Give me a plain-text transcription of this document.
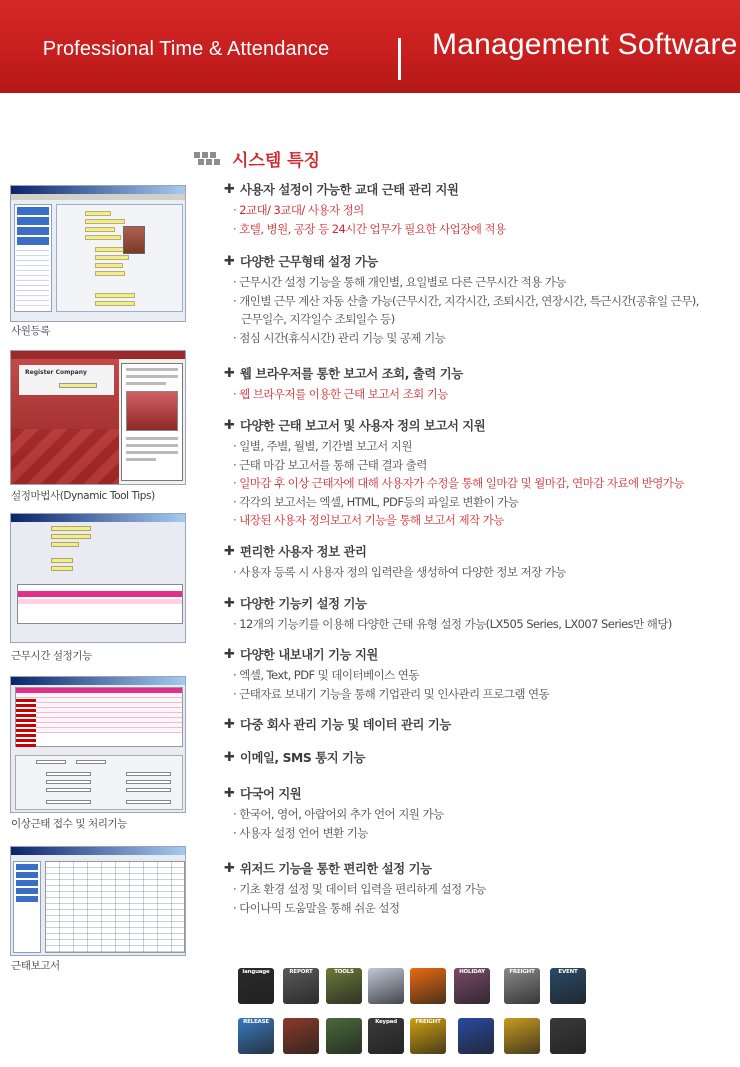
Professional Time & Attendance	Management Software
시스템 특징
✚ 사용자 설정이 가능한 교대 근태 관리 지원
· 2교대/ 3교대/ 사용자 정의
· 호텔, 병원, 공장 등 24시간 업무가 필요한 사업장에 적용
✚ 다양한 근무형태 설정 가능
· 근무시간 설정 기능을 통해 개인별, 요일별로 다른 근무시간 적용 가능
· 개인별 근무 계산 자동 산출 가능(근무시간, 지각시간, 조퇴시간, 연장시간, 특근시간(공휴일 근무),
근무일수, 지각일수 조퇴일수 등)
· 점심 시간(휴식시간) 관리 기능 및 공제 기능
✚ 웹 브라우저를 통한 보고서 조회, 출력 기능
· 웹 브라우저를 이용한 근태 보고서 조회 기능
✚ 다양한 근태 보고서 및 사용자 정의 보고서 지원
· 일별, 주별, 월별, 기간별 보고서 지원
· 근태 마감 보고서를 통해 근태 결과 출력
· 일마감 후 이상 근태자에 대해 사용자가 수정을 통해 일마감 및 월마감, 연마감 자료에 반영가능
· 각각의 보고서는 엑셀, HTML, PDF등의 파일로 변환이 가능
· 내장된 사용자 정의보고서 기능을 통해 보고서 제작 가능
✚ 편리한 사용자 정보 관리
· 사용자 등록 시 사용자 정의 입력란을 생성하여 다양한 정보 저장 가능
✚ 다양한 기능키 설정 기능
· 12개의 기능키를 이용해 다양한 근태 유형 설정 가능(LX505 Series, LX007 Series만 해당)
✚ 다양한 내보내기 기능 지원
· 엑셀, Text, PDF 및 데이터베이스 연동
· 근태자료 보내기 기능을 통해 기업관리 및 인사관리 프로그램 연동
✚ 다중 회사 관리 기능 및 데이터 관리 기능
✚ 이메일, SMS 통지 기능
✚ 다국어 지원
· 한국어, 영어, 아랍어외 추가 언어 지원 가능
· 사용자 설정 언어 변환 기능
✚ 위저드 기능을 통한 편리한 설정 기능
· 기초 환경 설정 및 데이터 입력을 편리하게 설정 가능
· 다이나믹 도움말을 통해 쉬운 설정
사원등록
Register Company
설정마법사(Dynamic Tool Tips)
근무시간 설정기능
이상근태 접수 및 처리기능
근태보고서	language	REPORT	TOOLS	HOLIDAY	FREIGHT	EVENT
RELEASE	Keypad	FREIGHT
